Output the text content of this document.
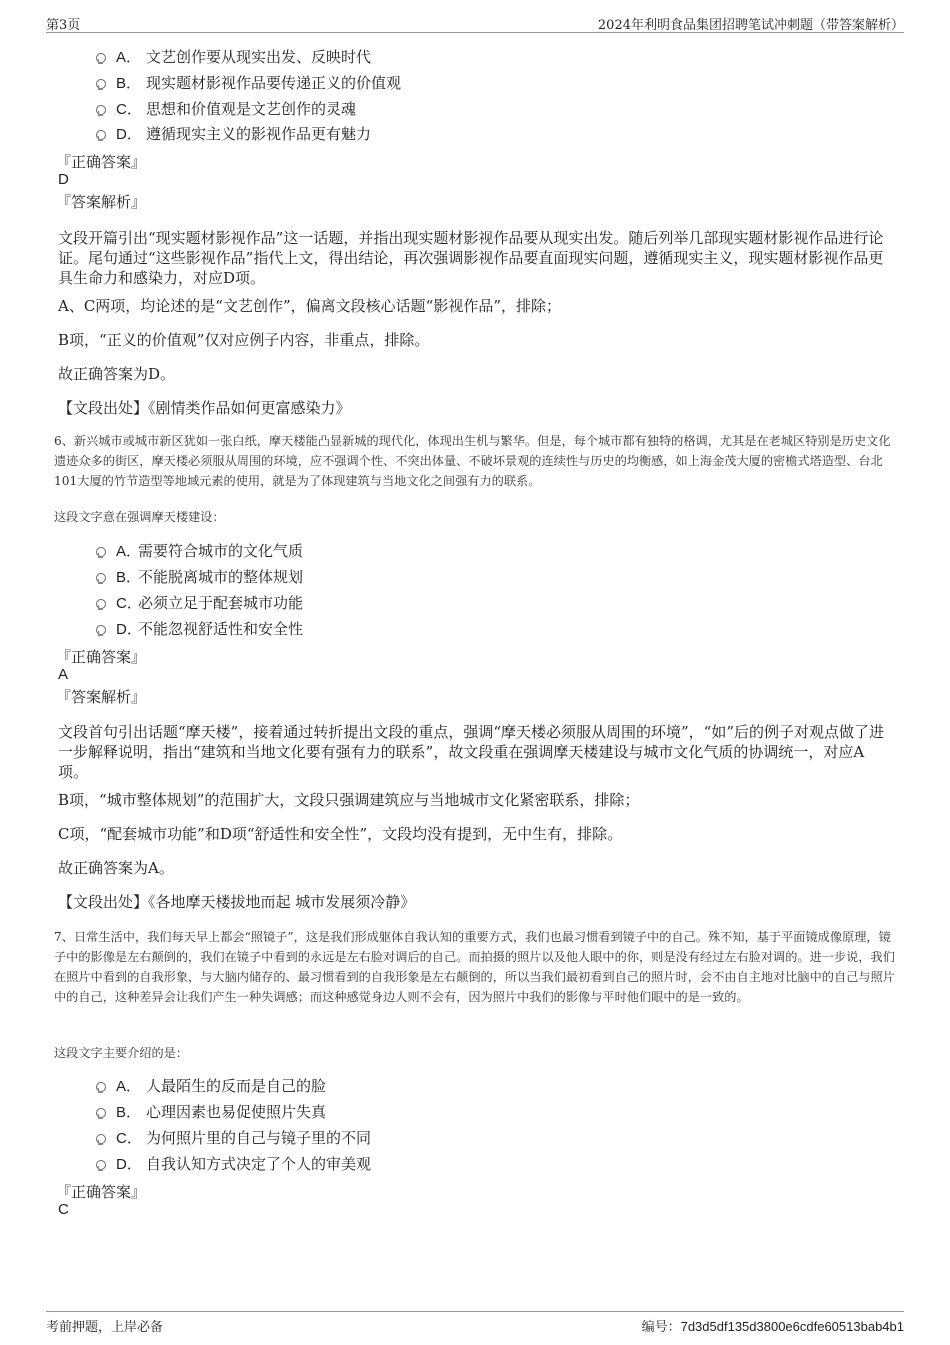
第3页	2024年利明食品集团招聘笔试冲刺题（带答案解析）
A． 文艺创作要从现实出发、反映时代
B． 现实题材影视作品要传递正义的价值观
C． 思想和价值观是文艺创作的灵魂
D． 遵循现实主义的影视作品更有魅力
『正确答案』
D
『答案解析』
文段开篇引出“现实题材影视作品”这一话题，并指出现实题材影视作品要从现实出发。随后列举几部现实题材影视作品进行论证。尾句通过“这些影视作品”指代上文，得出结论，再次强调影视作品要直面现实问题，遵循现实主义，现实题材影视作品更具生命力和感染力，对应D项。
A、C两项，均论述的是“文艺创作”，偏离文段核心话题“影视作品”，排除；
B项，“正义的价值观”仅对应例子内容，非重点，排除。
故正确答案为D。
【文段出处】《剧情类作品如何更富感染力》
6、新兴城市或城市新区犹如一张白纸，摩天楼能凸显新城的现代化，体现出生机与繁华。但是，每个城市都有独特的格调，尤其是在老城区特别是历史文化遗迹众多的街区，摩天楼必须服从周围的环境，应不强调个性、不突出体量、不破坏景观的连续性与历史的均衡感，如上海金茂大厦的密檐式塔造型、台北101大厦的竹节造型等地域元素的使用，就是为了体现建筑与当地文化之间强有力的联系。
这段文字意在强调摩天楼建设：
A．需要符合城市的文化气质
B．不能脱离城市的整体规划
C．必须立足于配套城市功能
D．不能忽视舒适性和安全性
『正确答案』
A
『答案解析』
文段首句引出话题“摩天楼”，接着通过转折提出文段的重点，强调“摩天楼必须服从周围的环境”，“如”后的例子对观点做了进一步解释说明，指出“建筑和当地文化要有强有力的联系”，故文段重在强调摩天楼建设与城市文化气质的协调统一，对应A项。
B项，“城市整体规划”的范围扩大，文段只强调建筑应与当地城市文化紧密联系，排除；
C项，“配套城市功能”和D项“舒适性和安全性”，文段均没有提到，无中生有，排除。
故正确答案为A。
【文段出处】《各地摩天楼拔地而起 城市发展须冷静》
7、日常生活中，我们每天早上都会“照镜子”，这是我们形成躯体自我认知的重要方式，我们也最习惯看到镜子中的自己。殊不知，基于平面镜成像原理，镜子中的影像是左右颠倒的，我们在镜子中看到的永远是左右脸对调后的自己。而拍摄的照片以及他人眼中的你，则是没有经过左右脸对调的。进一步说，我们在照片中看到的自我形象，与大脑内储存的、最习惯看到的自我形象是左右颠倒的，所以当我们最初看到自己的照片时，会不由自主地对比脑中的自己与照片中的自己，这种差异会让我们产生一种失调感；而这种感觉身边人则不会有，因为照片中我们的影像与平时他们眼中的是一致的。
这段文字主要介绍的是：
A． 人最陌生的反而是自己的脸
B． 心理因素也易促使照片失真
C． 为何照片里的自己与镜子里的不同
D． 自我认知方式决定了个人的审美观
『正确答案』
C
考前押题，上岸必备	编号：7d3d5df135d3800e6cdfe60513bab4b1
